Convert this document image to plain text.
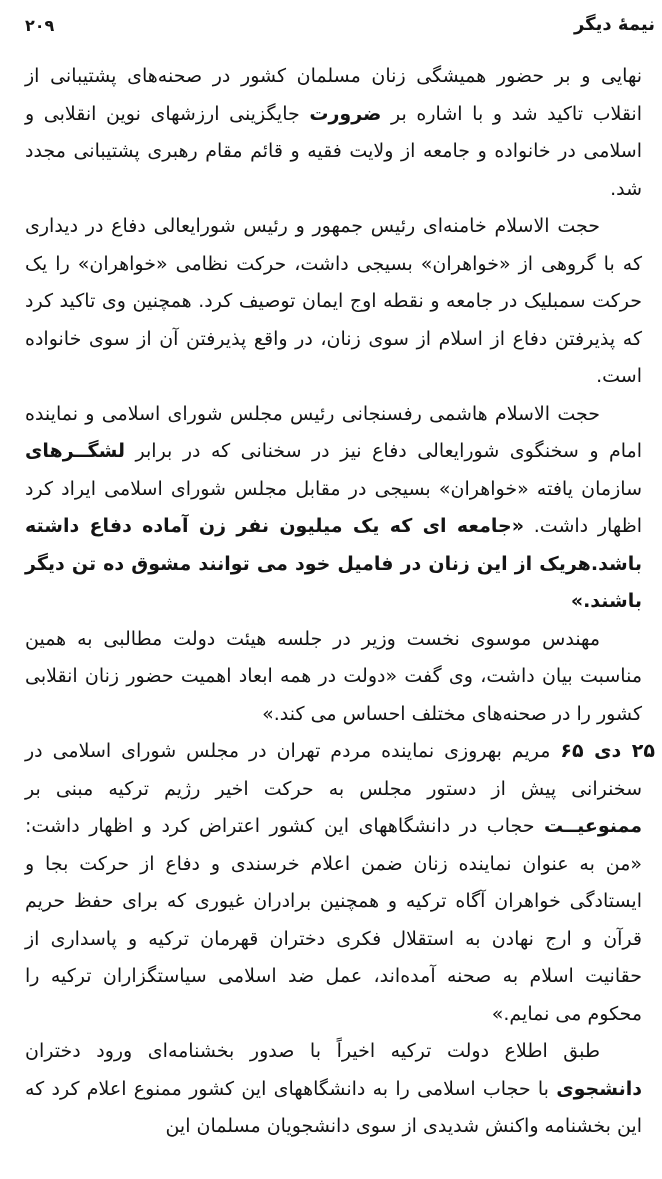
نیمهٔ دیگر
۲۰۹

نهایی و بر حضور همیشگی زنان مسلمان کشور در صحنه‌های پشتیبانی از انقلاب تاکید شد و با اشاره بر ضرورت جایگزینی ارزشهای نوین انقلابی و اسلامی در خانواده و جامعه از ولایت فقیه و قائم مقام رهبری پشتیبانی مجدد شد.

حجت الاسلام خامنه‌ای رئیس جمهور و رئیس شورایعالی دفاع در دیداری که با گروهی از «خواهران» بسیجی داشت، حرکت نظامی «خواهران» را یک حرکت سمبلیک در جامعه و نقطه اوج ایمان توصیف کرد. همچنین وی تاکید کرد که پذیرفتن دفاع از اسلام از سوی زنان، در واقع پذیرفتن آن از سوی خانواده است.

حجت الاسلام هاشمی رفسنجانی رئیس مجلس شورای اسلامی و نماینده امام و سخنگوی شورایعالی دفاع نیز در سخنانی که در برابر لشگــرهای سازمان یافته «خواهران» بسیجی در مقابل مجلس شورای اسلامی ایراد کرد اظهار داشت. «جامعه ای که یک میلیون نفر زن آماده دفاع داشته باشد.هریک از این زنان در فامیل خود می توانند مشوق ده تن دیگر باشند.»

مهندس موسوی نخست وزیر در جلسه هیئت دولت مطالبی به همین مناسبت بیان داشت، وی گفت «دولت در همه ابعاد اهمیت حضور زنان انقلابی کشور را در صحنه‌های مختلف احساس می کند.»

۲۵ دی ۶۵ مریم بهروزی نماینده مردم تهران در مجلس شورای اسلامی در سخنرانی پیش از دستور مجلس به حرکت اخیر رژیم ترکیه مبنی بر ممنوعیــت حجاب در دانشگاههای این کشور اعتراض کرد و اظهار داشت: «من به عنوان نماینده زنان ضمن اعلام خرسندی و دفاع از حرکت بجا و ایستادگی خواهران آگاه ترکیه و همچنین برادران غیوری که برای حفظ حریم قرآن و ارج نهادن به استقلال فکری دختران قهرمان ترکیه و پاسداری از حقانیت اسلام به صحنه آمده‌اند، عمل ضد اسلامی سیاستگزاران ترکیه را محکوم می نمایم.»

طبق اطلاع دولت ترکیه اخیراً با صدور بخشنامه‌ای ورود دختران دانشجوی با حجاب اسلامی را به دانشگاههای این کشور ممنوع اعلام کرد که این بخشنامه واکنش شدیدی از سوی دانشجویان مسلمان این
